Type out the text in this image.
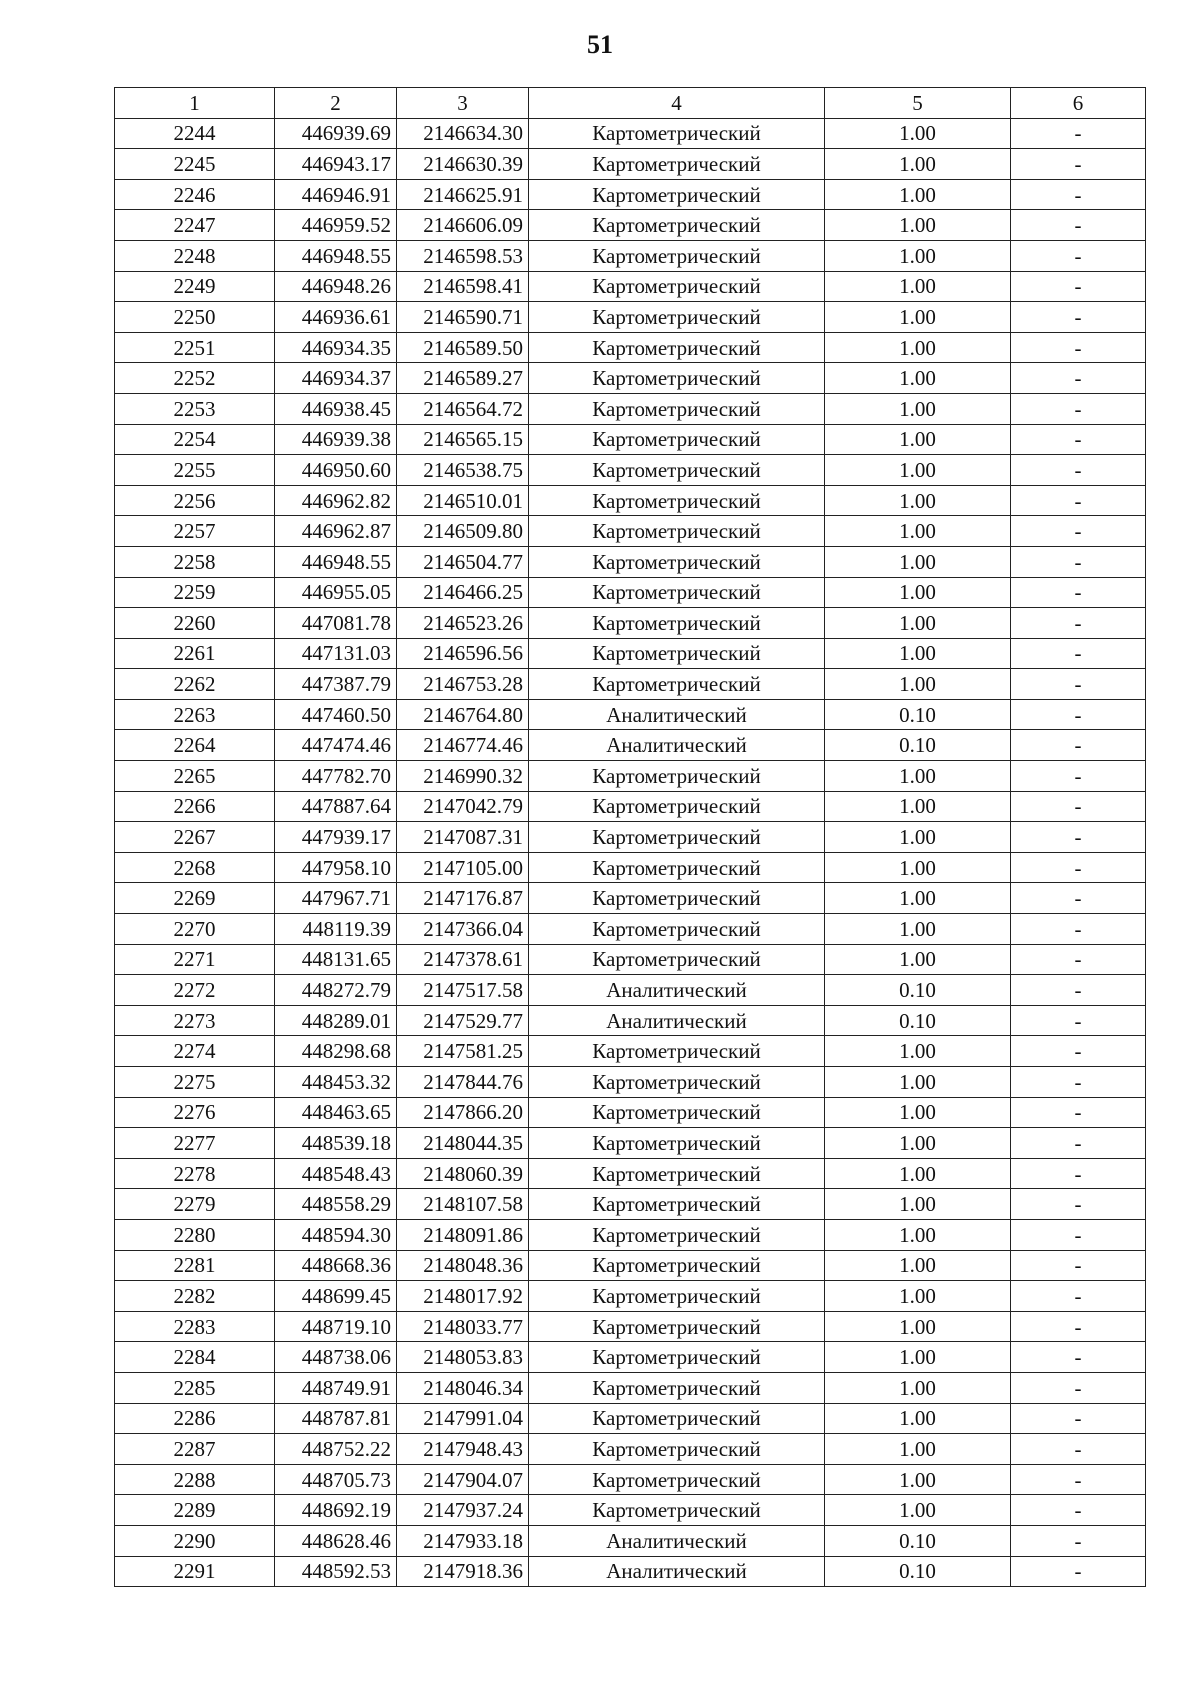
51
1	2	3	4	5	6
2244	446939.69	2146634.30	Картометрический	1.00	-
2245	446943.17	2146630.39	Картометрический	1.00	-
2246	446946.91	2146625.91	Картометрический	1.00	-
2247	446959.52	2146606.09	Картометрический	1.00	-
2248	446948.55	2146598.53	Картометрический	1.00	-
2249	446948.26	2146598.41	Картометрический	1.00	-
2250	446936.61	2146590.71	Картометрический	1.00	-
2251	446934.35	2146589.50	Картометрический	1.00	-
2252	446934.37	2146589.27	Картометрический	1.00	-
2253	446938.45	2146564.72	Картометрический	1.00	-
2254	446939.38	2146565.15	Картометрический	1.00	-
2255	446950.60	2146538.75	Картометрический	1.00	-
2256	446962.82	2146510.01	Картометрический	1.00	-
2257	446962.87	2146509.80	Картометрический	1.00	-
2258	446948.55	2146504.77	Картометрический	1.00	-
2259	446955.05	2146466.25	Картометрический	1.00	-
2260	447081.78	2146523.26	Картометрический	1.00	-
2261	447131.03	2146596.56	Картометрический	1.00	-
2262	447387.79	2146753.28	Картометрический	1.00	-
2263	447460.50	2146764.80	Аналитический	0.10	-
2264	447474.46	2146774.46	Аналитический	0.10	-
2265	447782.70	2146990.32	Картометрический	1.00	-
2266	447887.64	2147042.79	Картометрический	1.00	-
2267	447939.17	2147087.31	Картометрический	1.00	-
2268	447958.10	2147105.00	Картометрический	1.00	-
2269	447967.71	2147176.87	Картометрический	1.00	-
2270	448119.39	2147366.04	Картометрический	1.00	-
2271	448131.65	2147378.61	Картометрический	1.00	-
2272	448272.79	2147517.58	Аналитический	0.10	-
2273	448289.01	2147529.77	Аналитический	0.10	-
2274	448298.68	2147581.25	Картометрический	1.00	-
2275	448453.32	2147844.76	Картометрический	1.00	-
2276	448463.65	2147866.20	Картометрический	1.00	-
2277	448539.18	2148044.35	Картометрический	1.00	-
2278	448548.43	2148060.39	Картометрический	1.00	-
2279	448558.29	2148107.58	Картометрический	1.00	-
2280	448594.30	2148091.86	Картометрический	1.00	-
2281	448668.36	2148048.36	Картометрический	1.00	-
2282	448699.45	2148017.92	Картометрический	1.00	-
2283	448719.10	2148033.77	Картометрический	1.00	-
2284	448738.06	2148053.83	Картометрический	1.00	-
2285	448749.91	2148046.34	Картометрический	1.00	-
2286	448787.81	2147991.04	Картометрический	1.00	-
2287	448752.22	2147948.43	Картометрический	1.00	-
2288	448705.73	2147904.07	Картометрический	1.00	-
2289	448692.19	2147937.24	Картометрический	1.00	-
2290	448628.46	2147933.18	Аналитический	0.10	-
2291	448592.53	2147918.36	Аналитический	0.10	-
